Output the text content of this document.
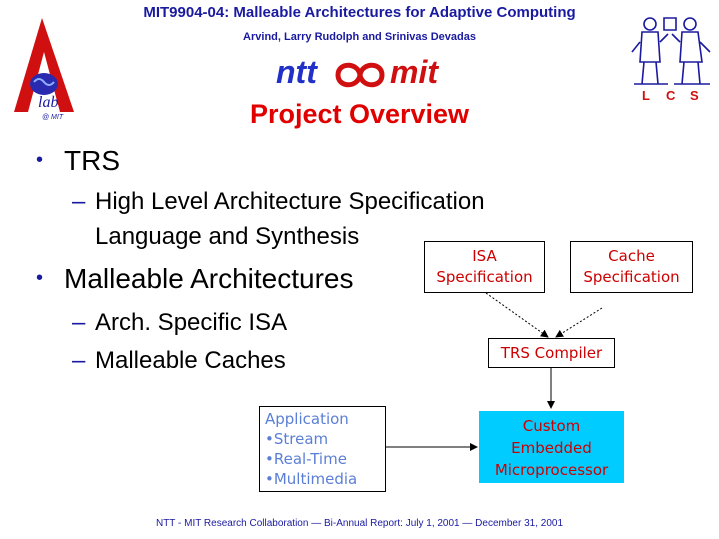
MIT9904-04: Malleable Architectures for Adaptive Computing
Arvind, Larry Rudolph and Srinivas Devadas
lab
@ MIT
ntt mit
L C S
Project Overview
• TRS
– High Level Architecture Specification
Language and Synthesis
• Malleable Architectures
– Arch. Specific ISA
– Malleable Caches
ISA
Specification
Cache
Specification
TRS Compiler
Application
•Stream
•Real-Time
•Multimedia
Custom
Embedded
Microprocessor
NTT - MIT Research Collaboration — Bi-Annual Report: July 1, 2001 — December 31, 2001
